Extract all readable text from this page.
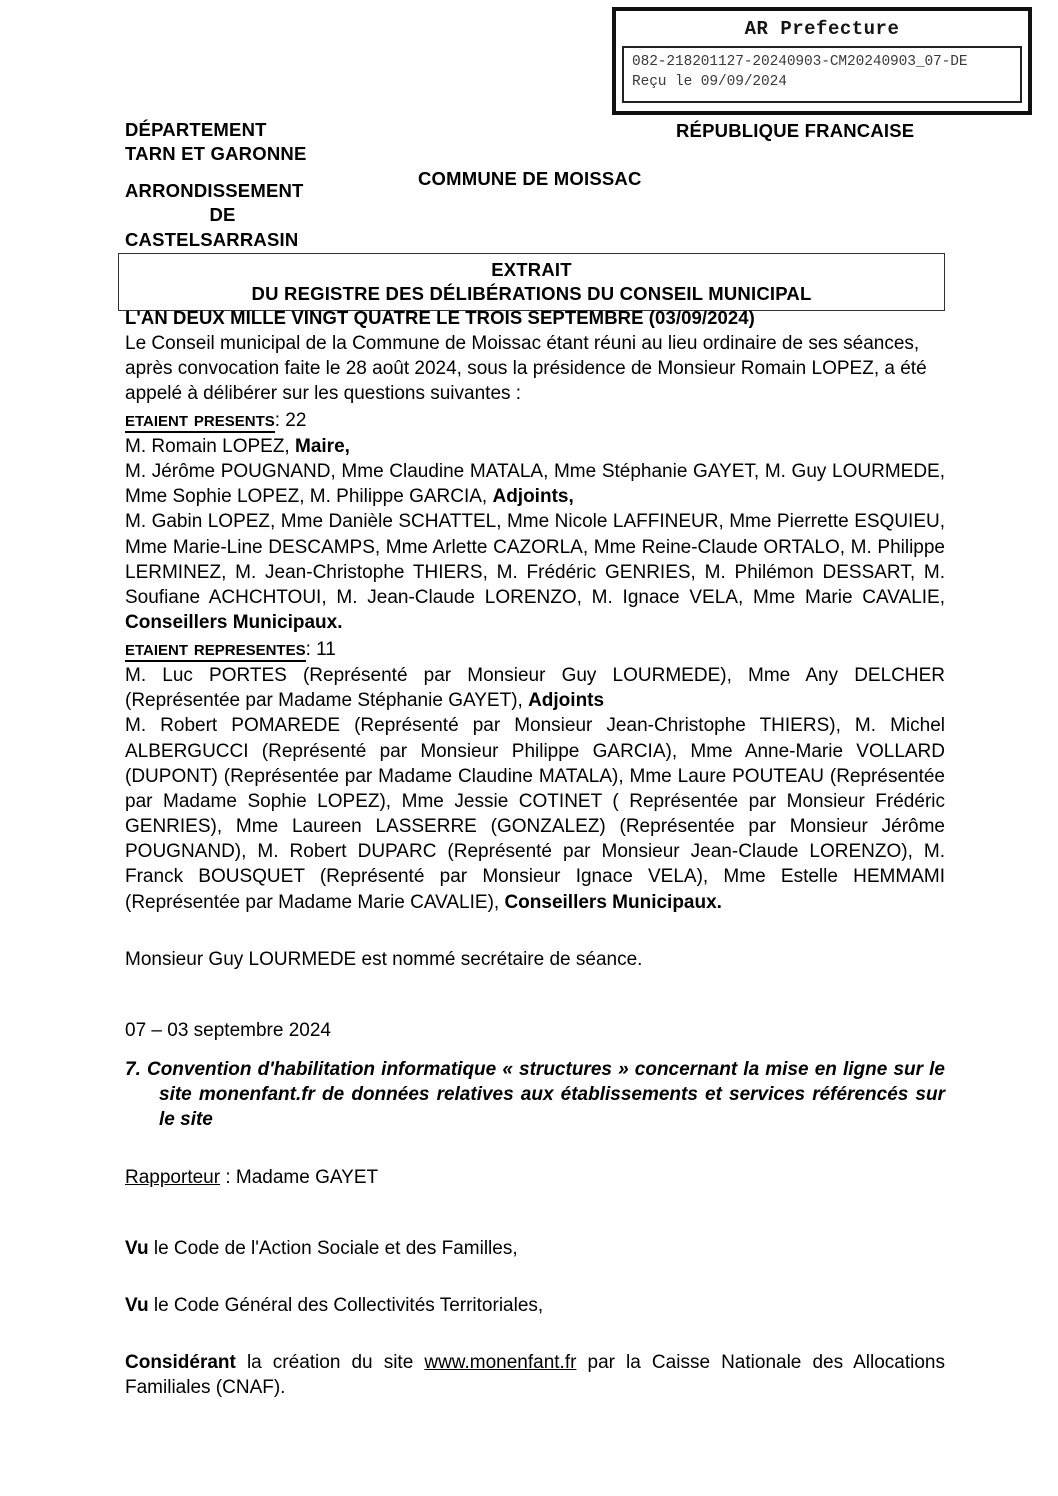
AR Prefecture
082-218201127-20240903-CM20240903_07-DE
Reçu le 09/09/2024
DÉPARTEMENT
TARN ET GARONNE
ARRONDISSEMENT
DE
CASTELSARRASIN
RÉPUBLIQUE FRANCAISE
COMMUNE DE MOISSAC
EXTRAIT
DU REGISTRE DES DÉLIBÉRATIONS DU CONSEIL MUNICIPAL

L'AN DEUX MILLE VINGT QUATRE LE TROIS SEPTEMBRE (03/09/2024)

Le Conseil municipal de la Commune de Moissac étant réuni au lieu ordinaire de ses séances, après convocation faite le 28 août 2024, sous la présidence de Monsieur Romain LOPEZ, a été appelé à délibérer sur les questions suivantes :

etaient presents: 22

M. Romain LOPEZ, Maire,

M. Jérôme POUGNAND, Mme Claudine MATALA, Mme Stéphanie GAYET, M. Guy LOURMEDE, Mme Sophie LOPEZ, M. Philippe GARCIA, Adjoints,

M. Gabin LOPEZ, Mme Danièle SCHATTEL, Mme Nicole LAFFINEUR, Mme Pierrette ESQUIEU, Mme Marie-Line DESCAMPS, Mme Arlette CAZORLA, Mme Reine-Claude ORTALO, M. Philippe LERMINEZ, M. Jean-Christophe THIERS, M. Frédéric GENRIES, M. Philémon DESSART, M. Soufiane ACHCHTOUI, M. Jean-Claude LORENZO, M. Ignace VELA, Mme Marie CAVALIE, Conseillers Municipaux.

etaient representes: 11

M. Luc PORTES (Représenté par Monsieur Guy LOURMEDE), Mme Any DELCHER (Représentée par Madame Stéphanie GAYET), Adjoints

M. Robert POMAREDE (Représenté par Monsieur Jean-Christophe THIERS), M. Michel ALBERGUCCI (Représenté par Monsieur Philippe GARCIA), Mme Anne-Marie VOLLARD (DUPONT) (Représentée par Madame Claudine MATALA), Mme Laure POUTEAU (Représentée par Madame Sophie LOPEZ), Mme Jessie COTINET ( Représentée par Monsieur Frédéric GENRIES), Mme Laureen LASSERRE (GONZALEZ) (Représentée par Monsieur Jérôme POUGNAND), M. Robert DUPARC (Représenté par Monsieur Jean-Claude LORENZO), M. Franck BOUSQUET (Représenté par Monsieur Ignace VELA), Mme Estelle HEMMAMI (Représentée par Madame Marie CAVALIE), Conseillers Municipaux.

Monsieur Guy LOURMEDE est nommé secrétaire de séance.

07 – 03 septembre 2024

7. Convention d'habilitation informatique « structures » concernant la mise en ligne sur le site monenfant.fr de données relatives aux établissements et services référencés sur le site

Rapporteur : Madame GAYET

Vu le Code de l'Action Sociale et des Familles,

Vu le Code Général des Collectivités Territoriales,

Considérant la création du site www.monenfant.fr par la Caisse Nationale des Allocations Familiales (CNAF).
